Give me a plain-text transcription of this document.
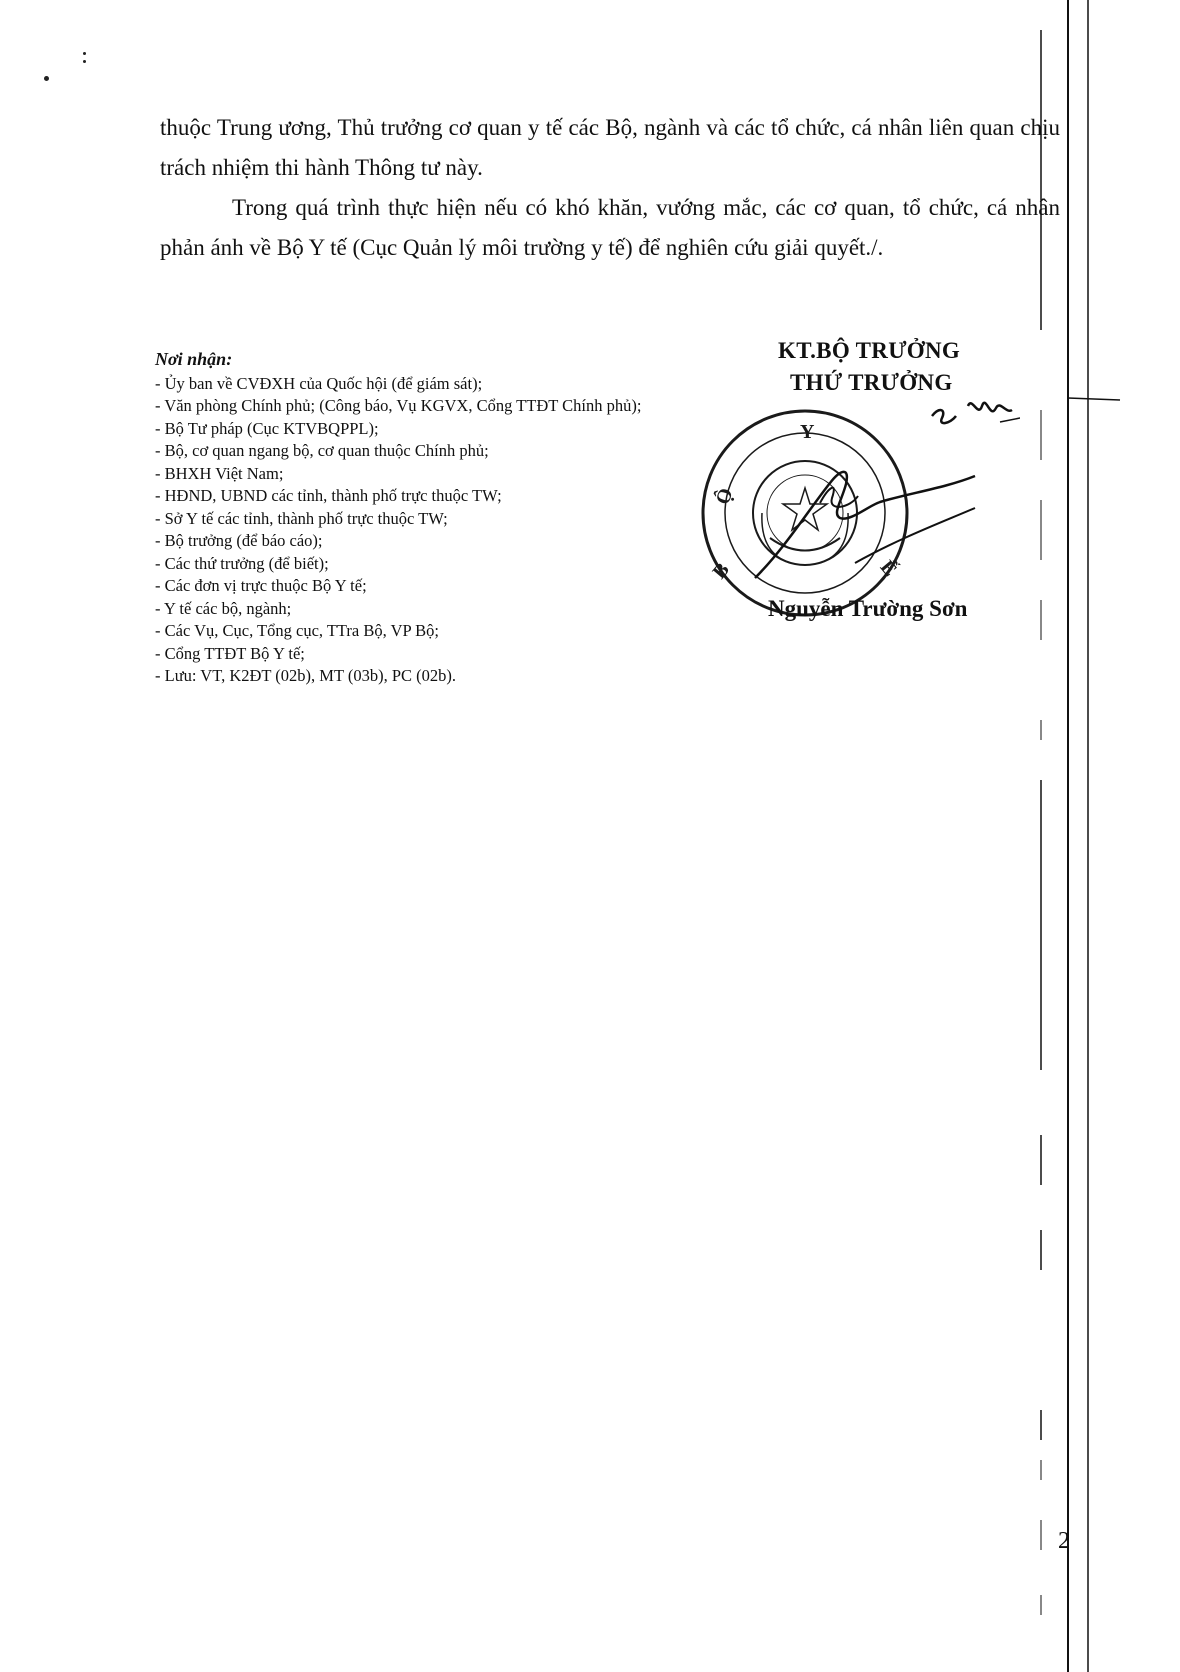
thuộc Trung ương, Thủ trưởng cơ quan y tế các Bộ, ngành và các tổ chức, cá nhân liên quan chịu trách nhiệm thi hành Thông tư này.

Trong quá trình thực hiện nếu có khó khăn, vướng mắc, các cơ quan, tổ chức, cá nhân phản ánh về Bộ Y tế (Cục Quản lý môi trường y tế) để nghiên cứu giải quyết./.

Nơi nhận:
- Ủy ban về CVĐXH của Quốc hội (để giám sát);
- Văn phòng Chính phủ; (Công báo, Vụ KGVX, Cổng TTĐT Chính phủ);
- Bộ Tư pháp (Cục KTVBQPPL);
- Bộ, cơ quan ngang bộ, cơ quan thuộc Chính phủ;
- BHXH Việt Nam;
- HĐND, UBND các tỉnh, thành phố trực thuộc TW;
- Sở Y tế các tỉnh, thành phố trực thuộc TW;
- Bộ trưởng (để báo cáo);
- Các thứ trưởng (để biết);
- Các đơn vị trực thuộc Bộ Y tế;
- Y tế các bộ, ngành;
- Các Vụ, Cục, Tổng cục, TTra Bộ, VP Bộ;
- Cổng TTĐT Bộ Y tế;
- Lưu: VT, K2ĐT (02b), MT (03b), PC (02b).
KT.BỘ TRƯỞNG
THỨ TRƯỞNG
Y
Ộ
B	Ế
Nguyễn Trường Sơn
2
